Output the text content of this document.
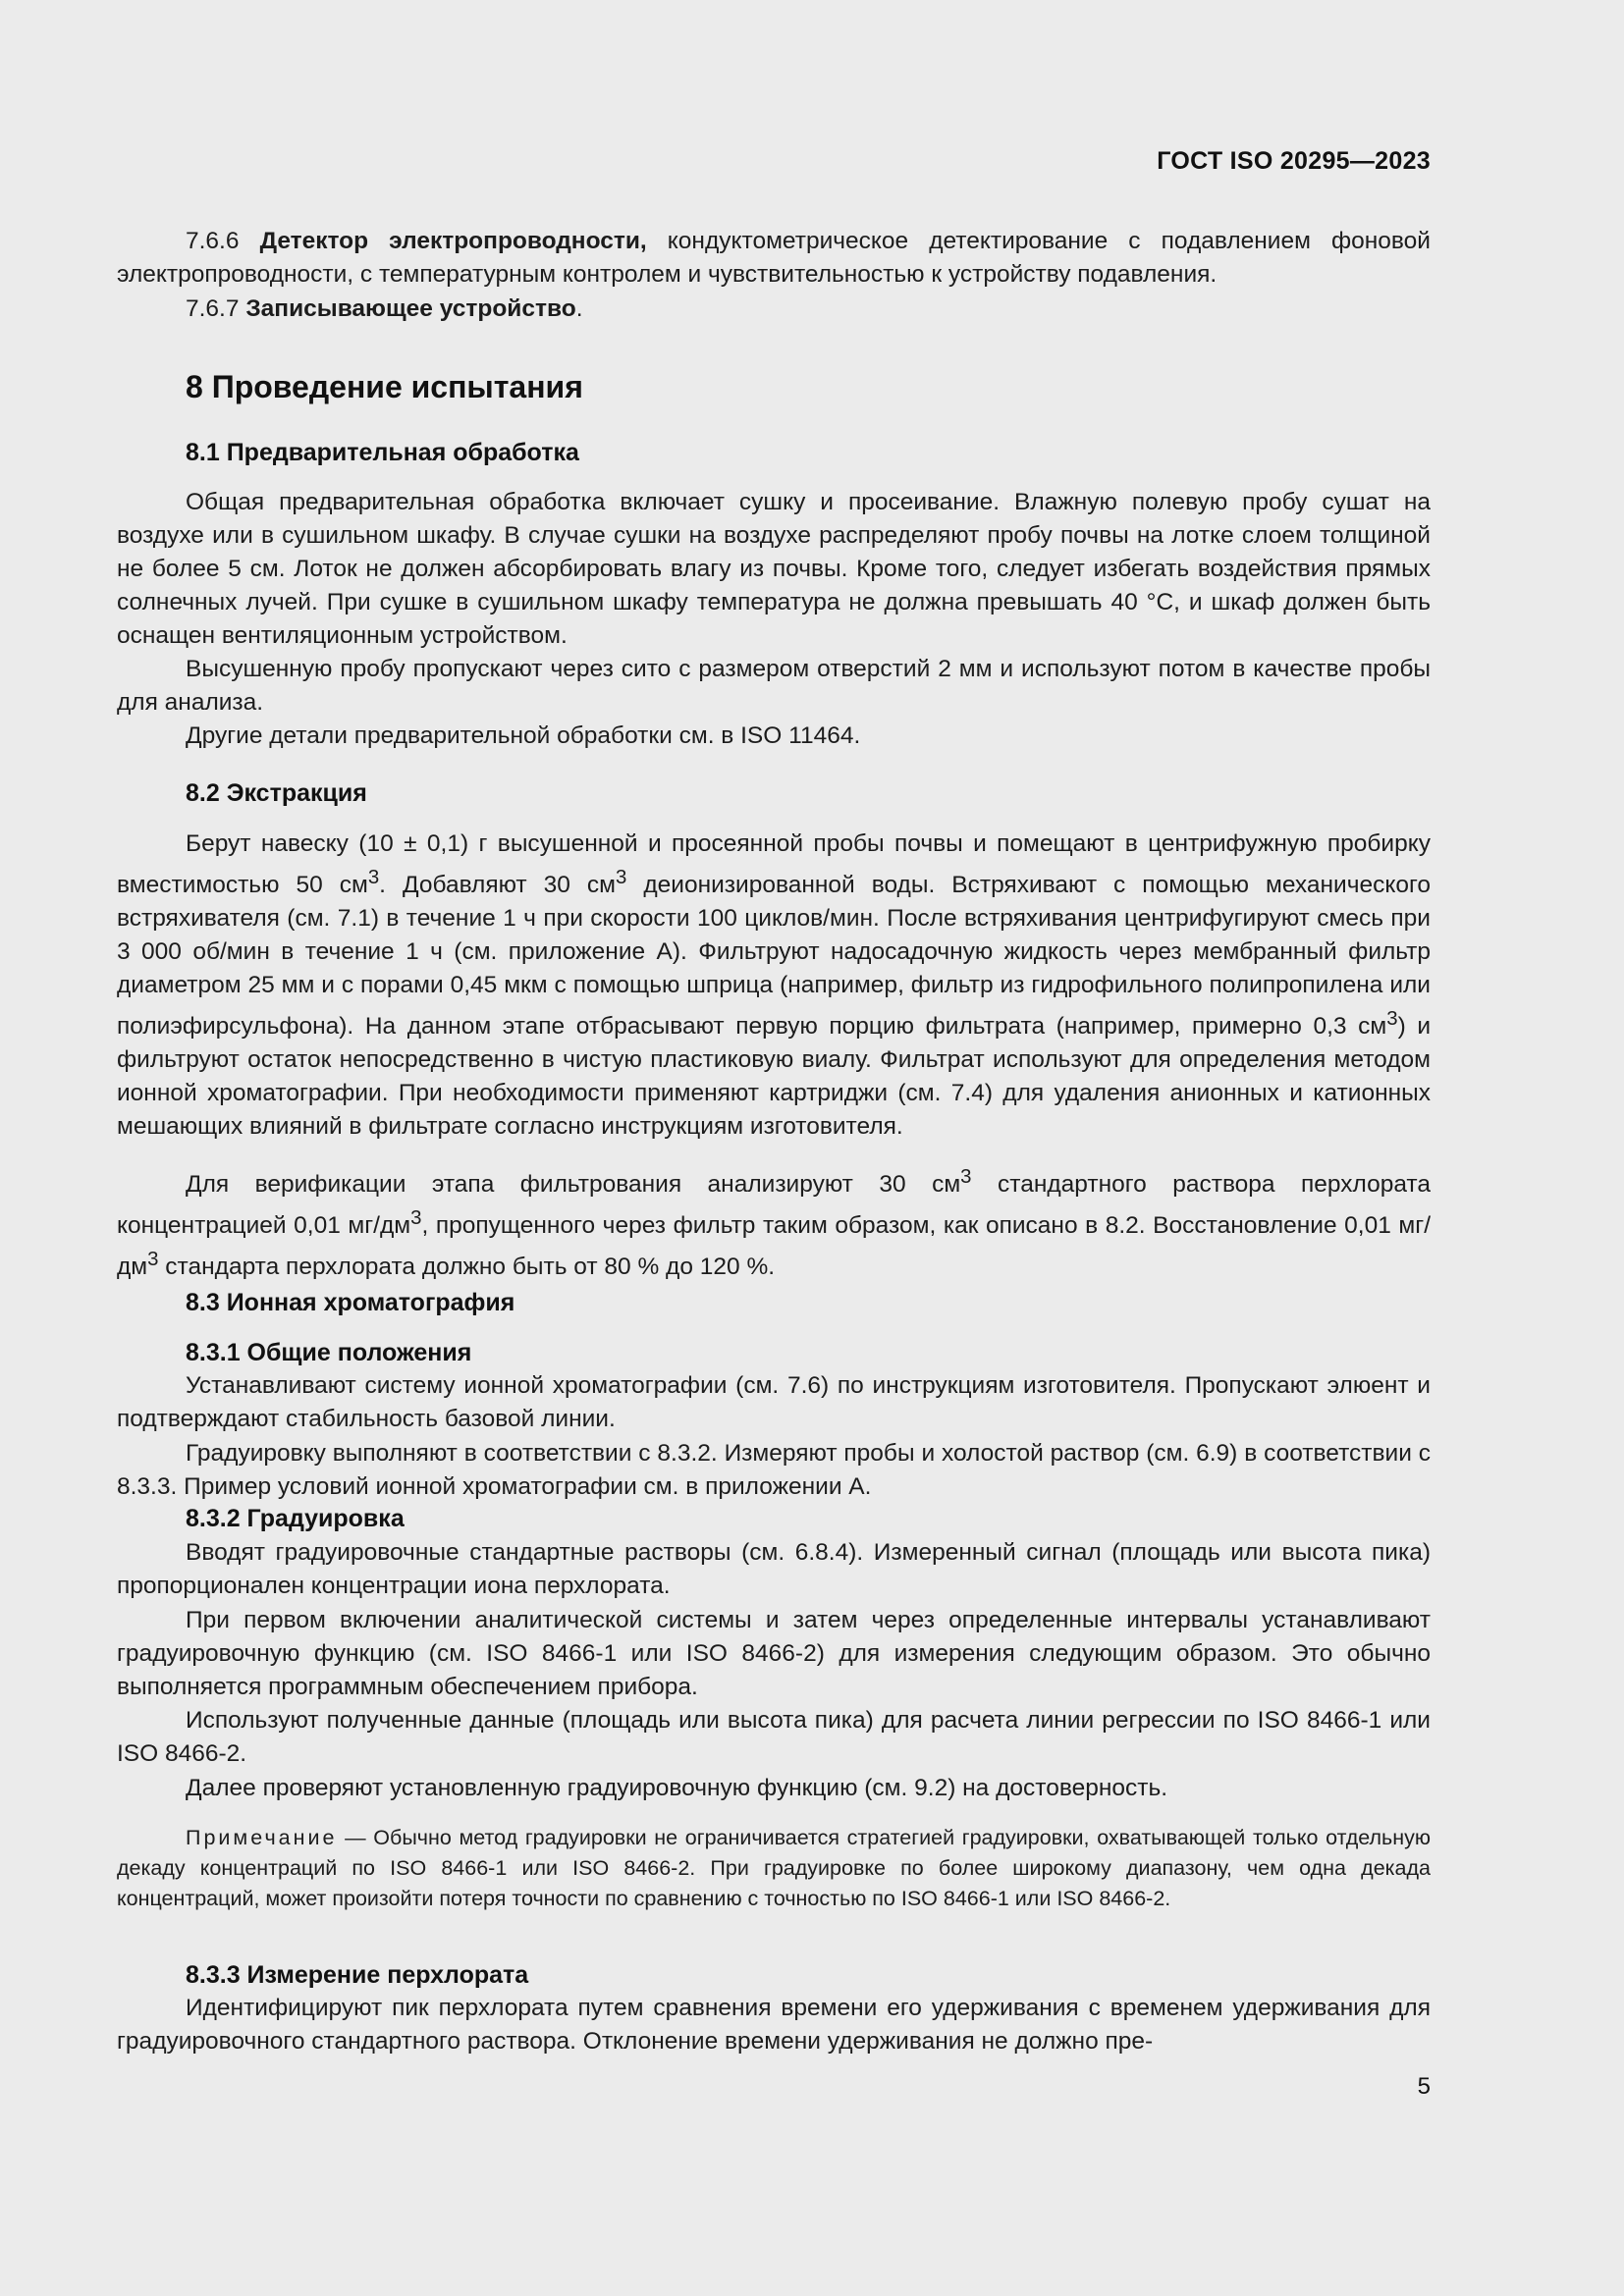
ГОСТ ISO 20295—2023

7.6.6 Детектор электропроводности, кондуктометрическое детектирование с подавлением фоновой электропроводности, с температурным контролем и чувствительностью к устройству подавления.

7.6.7 Записывающее устройство.

8 Проведение испытания
8.1 Предварительная обработка

Общая предварительная обработка включает сушку и просеивание. Влажную полевую пробу сушат на воздухе или в сушильном шкафу. В случае сушки на воздухе распределяют пробу почвы на лотке слоем толщиной не более 5 см. Лоток не должен абсорбировать влагу из почвы. Кроме того, следует избегать воздействия прямых солнечных лучей. При сушке в сушильном шкафу температура не должна превышать 40 °С, и шкаф должен быть оснащен вентиляционным устройством.

Высушенную пробу пропускают через сито с размером отверстий 2 мм и используют потом в качестве пробы для анализа.

Другие детали предварительной обработки см. в ISO 11464.

8.2 Экстракция

Берут навеску (10 ± 0,1) г высушенной и просеянной пробы почвы и помещают в центрифужную пробирку вместимостью 50 $см^3$. Добавляют 30 $см^3$ деионизированной воды. Встряхивают с помощью механического встряхивателя (см. 7.1) в течение 1 ч при скорости 100 циклов/мин. После встряхивания центрифугируют смесь при 3 000 об/мин в течение 1 ч (см. приложение А). Фильтруют надосадочную жидкость через мембранный фильтр диаметром 25 мм и с порами 0,45 мкм с помощью шприца (например, фильтр из гидрофильного полипропилена или полиэфирсульфона). На данном этапе отбрасывают первую порцию фильтрата (например, примерно 0,3 $см^3$) и фильтруют остаток непосредственно в чистую пластиковую виалу. Фильтрат используют для определения методом ионной хроматографии. При необходимости применяют картриджи (см. 7.4) для удаления анионных и катионных мешающих влияний в фильтрате согласно инструкциям изготовителя.

Для верификации этапа фильтрования анализируют 30 $см^3$ стандартного раствора перхлората концентрацией 0,01 $мг/дм^3$, пропущенного через фильтр таким образом, как описано в 8.2. Восстановление 0,01 $мг/дм^3$ стандарта перхлората должно быть от 80 % до 120 %.

8.3 Ионная хроматография
8.3.1 Общие положения

Устанавливают систему ионной хроматографии (см. 7.6) по инструкциям изготовителя. Пропускают элюент и подтверждают стабильность базовой линии.

Градуировку выполняют в соответствии с 8.3.2. Измеряют пробы и холостой раствор (см. 6.9) в соответствии с 8.3.3. Пример условий ионной хроматографии см. в приложении А.

8.3.2 Градуировка

Вводят градуировочные стандартные растворы (см. 6.8.4). Измеренный сигнал (площадь или высота пика) пропорционален концентрации иона перхлората.

При первом включении аналитической системы и затем через определенные интервалы устанавливают градуировочную функцию (см. ISO 8466-1 или ISO 8466-2) для измерения следующим образом. Это обычно выполняется программным обеспечением прибора.

Используют полученные данные (площадь или высота пика) для расчета линии регрессии по ISO 8466-1 или ISO 8466-2.

Далее проверяют установленную градуировочную функцию (см. 9.2) на достоверность.

Примечание — Обычно метод градуировки не ограничивается стратегией градуировки, охватывающей только отдельную декаду концентраций по ISO 8466-1 или ISO 8466-2. При градуировке по более широкому диапазону, чем одна декада концентраций, может произойти потеря точности по сравнению с точностью по ISO 8466-1 или ISO 8466-2.

8.3.3 Измерение перхлората

Идентифицируют пик перхлората путем сравнения времени его удерживания с временем удерживания для градуировочного стандартного раствора. Отклонение времени удерживания не должно пре-

5
